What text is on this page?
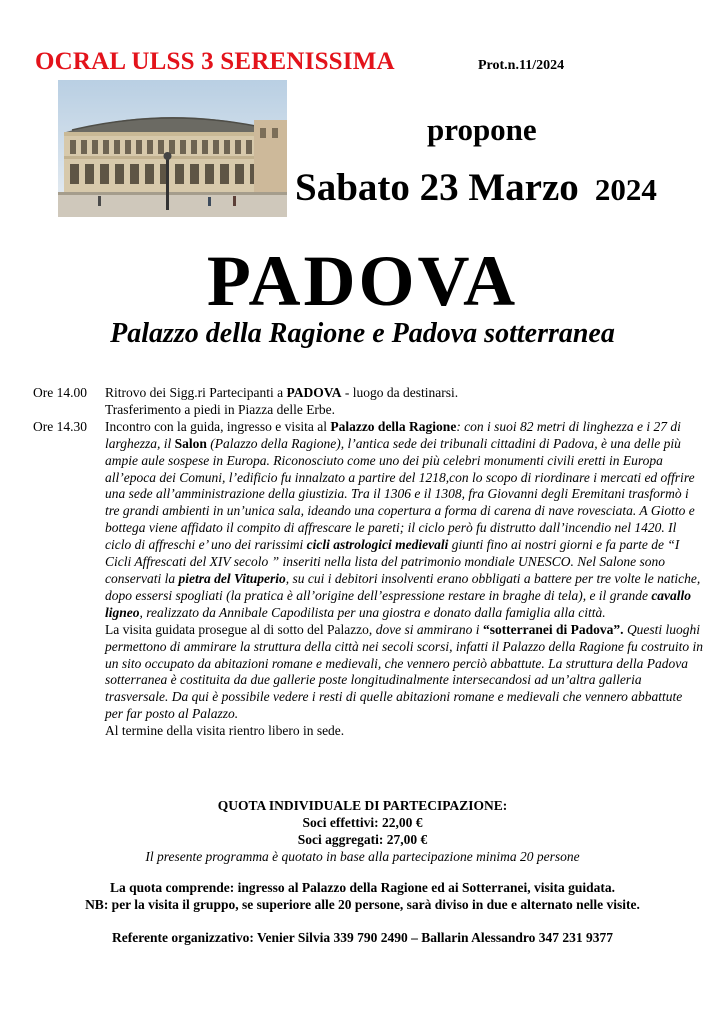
OCRAL ULSS 3 SERENISSIMA	Prot.n.11/2024
propone
Sabato 23 Marzo 2024
PADOVA
Palazzo della Ragione e Padova sotterranea
Ore 14.00	Ritrovo dei Sigg.ri Partecipanti a PADOVA - luogo da destinarsi.
Trasferimento a piedi in Piazza delle Erbe.
Ore 14.30	Incontro con la guida, ingresso e visita al Palazzo della Ragione: con i suoi 82 metri di linghezza e i 27 di larghezza, il Salon (Palazzo della Ragione), l’antica sede dei tribunali cittadini di Padova, è una delle più ampie aule sospese in Europa. Riconosciuto come uno dei più celebri monumenti civili eretti in Europa all’epoca dei Comuni, l’edificio fu innalzato a partire del 1218,con lo scopo di riordinare i mercati ed offrire una sede all’amministrazione della giustizia. Tra il 1306 e il 1308, fra Giovanni degli Eremitani trasformò i tre grandi ambienti in un’unica sala, ideando una copertura a forma di carena di nave rovesciata. A Giotto e bottega viene affidato il compito di affrescare le pareti; il ciclo però fu distrutto dall’incendio nel 1420. Il ciclo di affreschi e’ uno dei rarissimi cicli astrologici medievali giunti fino ai nostri giorni e fa parte de “I Cicli Affrescati del XIV secolo ” inseriti nella lista del patrimonio mondiale UNESCO. Nel Salone sono conservati la pietra del Vituperio, su cui i debitori insolventi erano obbligati a battere per tre volte le natiche, dopo essersi spogliati (la pratica è all’origine dell’espressione restare in braghe di tela), e il grande cavallo ligneo, realizzato da Annibale Capodilista per una giostra e donato dalla famiglia alla città.
La visita guidata prosegue al di sotto del Palazzo, dove si ammirano i “sotterranei di Padova”. Questi luoghi permettono di ammirare la struttura della città nei secoli scorsi, infatti il Palazzo della Ragione fu costruito in un sito occupato da abitazioni romane e medievali, che vennero perciò abbattute. La struttura della Padova sotterranea è costituita da due gallerie poste longitudinalmente intersecandosi ad un’altra galleria trasversale. Da qui è possibile vedere i resti di quelle abitazioni romane e medievali che vennero abbattute per far posto al Palazzo.
Al termine della visita rientro libero in sede.
QUOTA INDIVIDUALE DI PARTECIPAZIONE:
Soci effettivi: 22,00 €
Soci aggregati: 27,00 €
Il presente programma è quotato in base alla partecipazione minima 20 persone
La quota comprende: ingresso al Palazzo della Ragione ed ai Sotterranei, visita guidata.
NB: per la visita il gruppo, se superiore alle 20 persone, sarà diviso in due e alternato nelle visite.
Referente organizzativo: Venier Silvia 339 790 2490 – Ballarin Alessandro 347 231 9377
